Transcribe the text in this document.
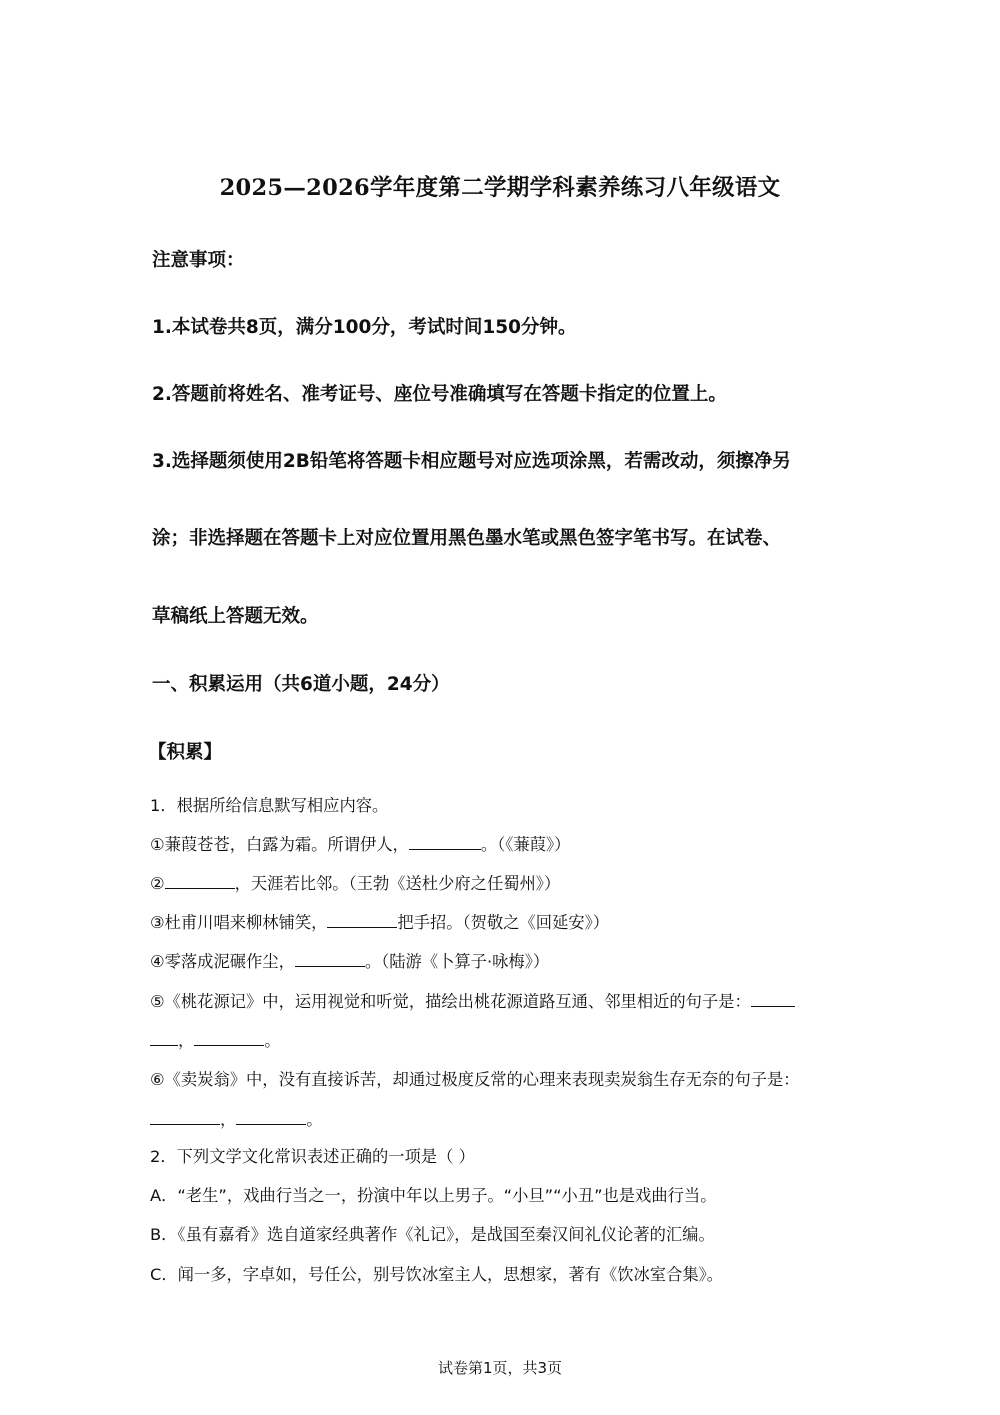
2025—2026学年度第二学期学科素养练习八年级语文
注意事项：
1.本试卷共8页，满分100分，考试时间150分钟。
2.答题前将姓名、准考证号、座位号准确填写在答题卡指定的位置上。
3.选择题须使用2B铅笔将答题卡相应题号对应选项涂黑，若需改动，须擦净另
涂；非选择题在答题卡上对应位置用黑色墨水笔或黑色签字笔书写。在试卷、
草稿纸上答题无效。
一、积累运用（共6道小题，24分）
【积累】
1．根据所给信息默写相应内容。
①蒹葭苍苍，白露为霜。所谓伊人，	。（《蒹葭》）
②	，天涯若比邻。（王勃《送杜少府之任蜀州》）
③杜甫川唱来柳林铺笑，	把手招。（贺敬之《回延安》）
④零落成泥碾作尘，	。（陆游《卜算子·咏梅》）
⑤《桃花源记》中，运用视觉和听觉，描绘出桃花源道路互通、邻里相近的句子是：
，	。
⑥《卖炭翁》中，没有直接诉苦，却通过极度反常的心理来表现卖炭翁生存无奈的句子是：
，	。
2．下列文学文化常识表述正确的一项是（ ）
A．“老生”，戏曲行当之一，扮演中年以上男子。“小旦”“小丑”也是戏曲行当。
B．《虽有嘉肴》选自道家经典著作《礼记》，是战国至秦汉间礼仪论著的汇编。
C．闻一多，字卓如，号任公，别号饮冰室主人，思想家，著有《饮冰室合集》。
试卷第1页，共3页
